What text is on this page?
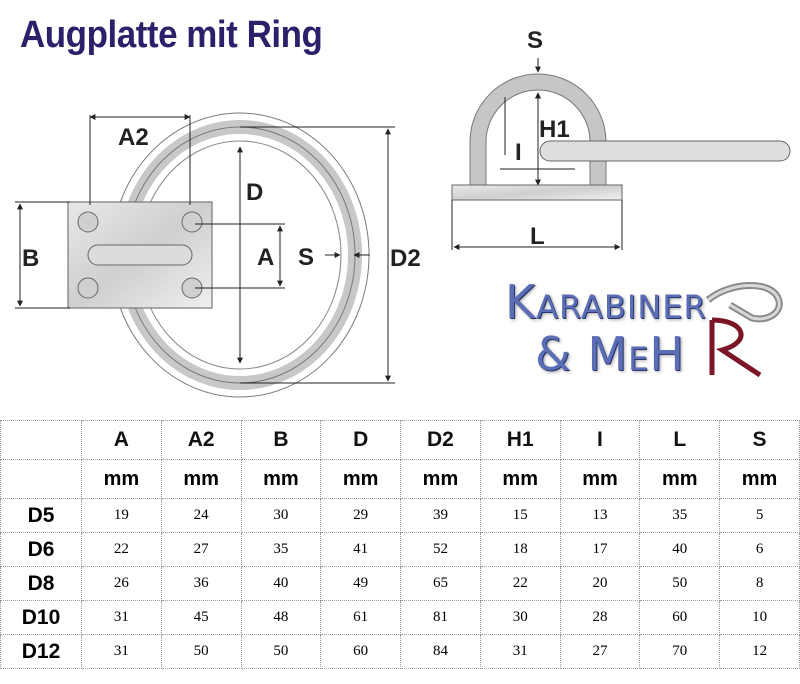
Augplatte mit Ring
A2
B
D
A S	D2
S
H1
I
L
Karabiner
& MeH
	A	A2	B	D	D2	H1	I	L	S
	mm	mm	mm	mm	mm	mm	mm	mm	mm
D5	19	24	30	29	39	15	13	35	5
D6	22	27	35	41	52	18	17	40	6
D8	26	36	40	49	65	22	20	50	8
D10	31	45	48	61	81	30	28	60	10
D12	31	50	50	60	84	31	27	70	12
